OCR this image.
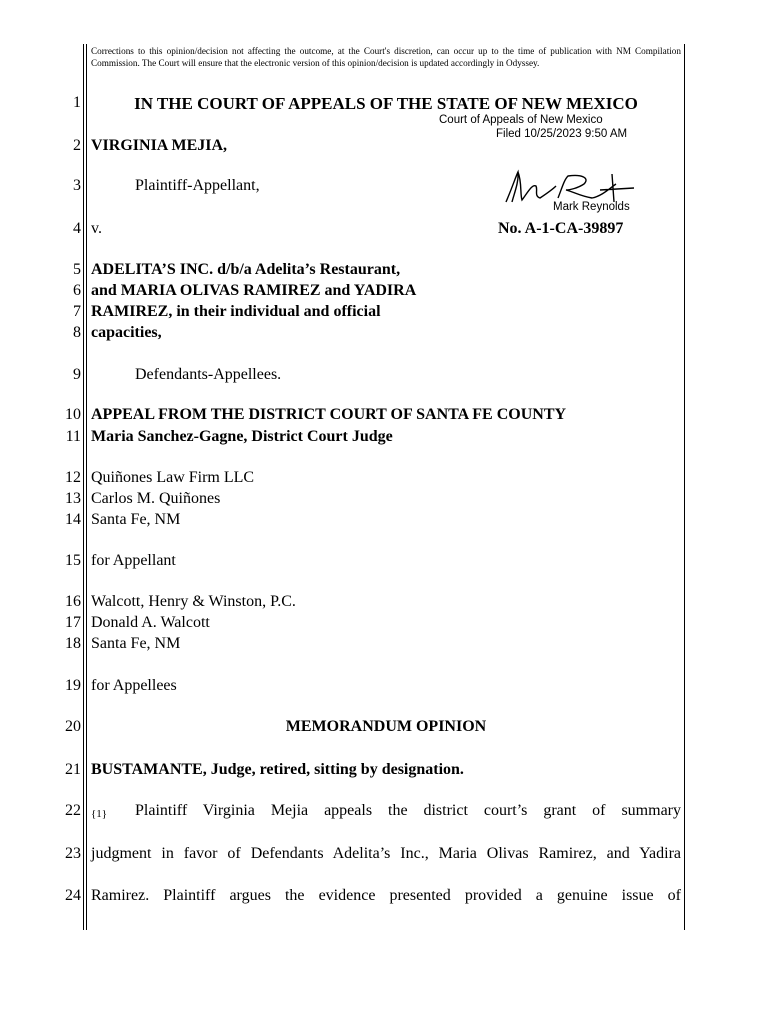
Corrections to this opinion/decision not affecting the outcome, at the Court's discretion, can occur up to the time of publication with NM Compilation Commission. The Court will ensure that the electronic version of this opinion/decision is updated accordingly in Odyssey.
1	IN THE COURT OF APPEALS OF THE STATE OF NEW MEXICO
Court of Appeals of New Mexico
Filed 10/25/2023 9:50 AM
Mark Reynolds
2 VIRGINIA MEJIA,
3	Plaintiff-Appellant,
4 v.	No. A-1-CA-39897
5 ADELITA’S INC. d/b/a Adelita’s Restaurant,
6 and MARIA OLIVAS RAMIREZ and YADIRA
7 RAMIREZ, in their individual and official
8 capacities,
9	Defendants-Appellees.
10 APPEAL FROM THE DISTRICT COURT OF SANTA FE COUNTY
11 Maria Sanchez-Gagne, District Court Judge
12 Quiñones Law Firm LLC
13 Carlos M. Quiñones
14 Santa Fe, NM
15 for Appellant
16 Walcott, Henry & Winston, P.C.
17 Donald A. Walcott
18 Santa Fe, NM
19 for Appellees
20	MEMORANDUM OPINION
21 BUSTAMANTE, Judge, retired, sitting by designation.
22 {1} Plaintiff Virginia Mejia appeals the district court’s grant of summary
23 judgment in favor of Defendants Adelita’s Inc., Maria Olivas Ramirez, and Yadira
24 Ramirez. Plaintiff argues the evidence presented provided a genuine issue of
